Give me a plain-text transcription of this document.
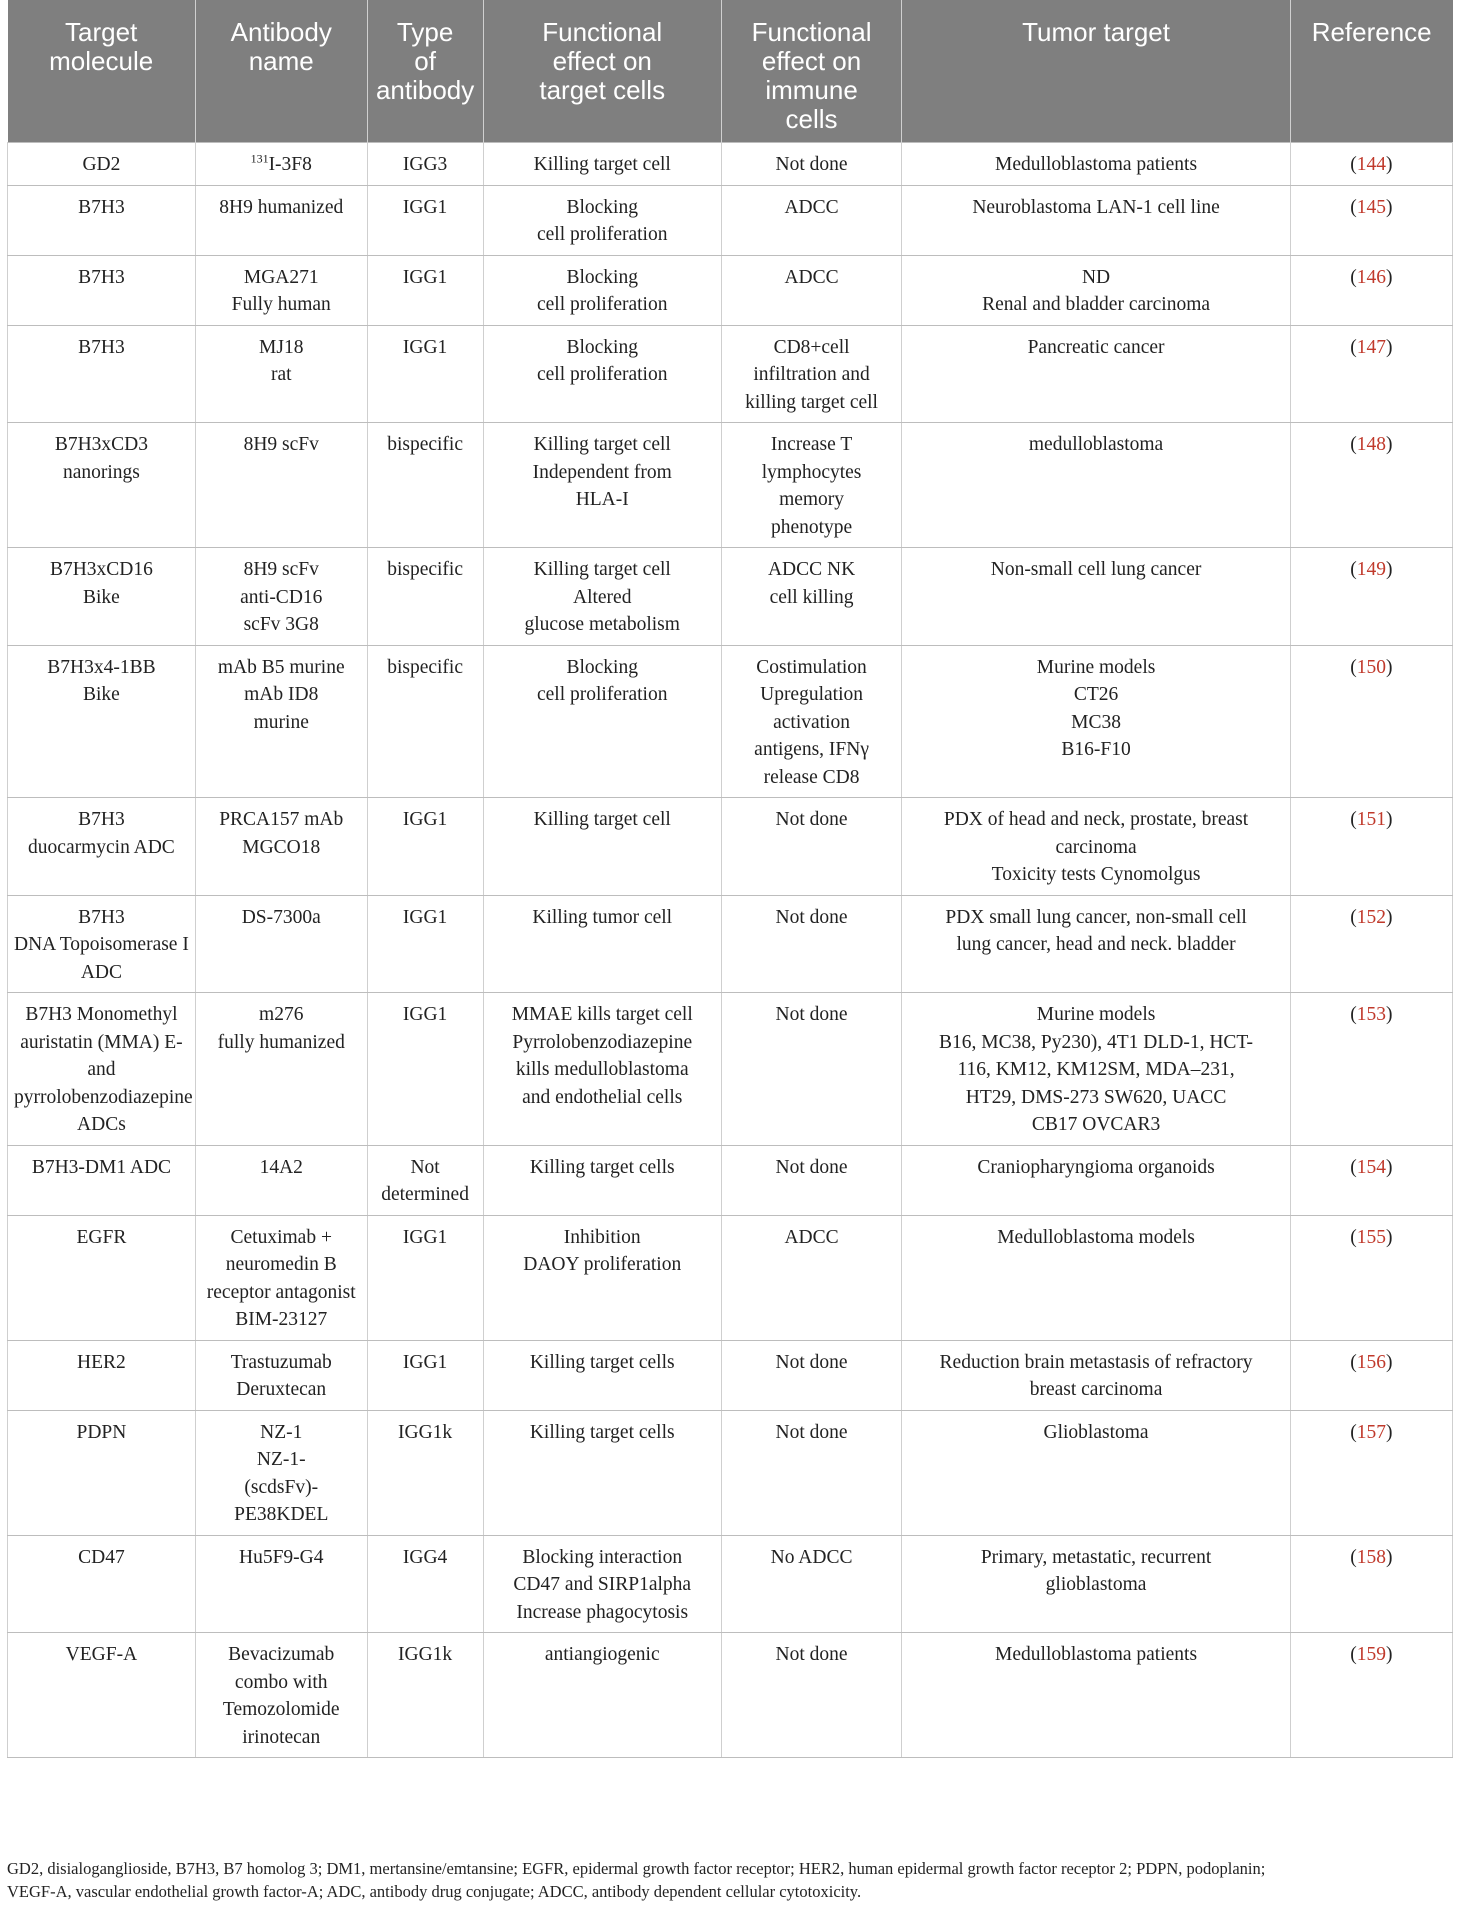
Target
molecule	Antibody
name	Type
of
antibody	Functional
effect on
target cells	Functional
effect on
immune
cells	Tumor target	Reference

GD2	$^{131}$I-3F8	IGG3	Killing target cell	Not done	Medulloblastoma patients	(144)

B7H3	8H9 humanized	IGG1	Blocking
cell proliferation	ADCC	Neuroblastoma LAN-1 cell line	(145)

B7H3	MGA271
Fully human	IGG1	Blocking
cell proliferation	ADCC	ND
Renal and bladder carcinoma	(146)

B7H3	MJ18
rat	IGG1	Blocking
cell proliferation	CD8+cell
infiltration and
killing target cell	Pancreatic cancer	(147)

B7H3xCD3
nanorings	8H9 scFv	bispecific	Killing target cell
Independent from
HLA-I	Increase T
lymphocytes
memory
phenotype	medulloblastoma	(148)

B7H3xCD16
Bike	8H9 scFv
anti-CD16
scFv 3G8	bispecific	Killing target cell
Altered
glucose metabolism	ADCC NK
cell killing	Non-small cell lung cancer	(149)

B7H3x4-1BB
Bike	mAb B5 murine
mAb ID8
murine	bispecific	Blocking
cell proliferation	Costimulation
Upregulation
activation
antigens, IFNγ
release CD8	Murine models
CT26
MC38
B16-F10	(150)

B7H3
duocarmycin ADC	PRCA157 mAb
MGCO18	IGG1	Killing target cell	Not done	PDX of head and neck, prostate, breast
carcinoma
Toxicity tests Cynomolgus	(151)

B7H3
DNA Topoisomerase I
ADC	DS-7300a	IGG1	Killing tumor cell	Not done	PDX small lung cancer, non-small cell
lung cancer, head and neck. bladder	(152)

B7H3 Monomethyl
auristatin (MMA) E-
and
pyrrolobenzodiazepine
ADCs	m276
fully humanized	IGG1	MMAE kills target cell
Pyrrolobenzodiazepine
kills medulloblastoma
and endothelial cells	Not done	Murine models
B16, MC38, Py230), 4T1 DLD-1, HCT-
116, KM12, KM12SM, MDA–231,
HT29, DMS-273 SW620, UACC
CB17 OVCAR3	(153)

B7H3-DM1 ADC	14A2	Not
determined	Killing target cells	Not done	Craniopharyngioma organoids	(154)

EGFR	Cetuximab +
neuromedin B
receptor antagonist
BIM-23127	IGG1	Inhibition
DAOY proliferation	ADCC	Medulloblastoma models	(155)

HER2	Trastuzumab
Deruxtecan	IGG1	Killing target cells	Not done	Reduction brain metastasis of refractory
breast carcinoma	(156)

PDPN	NZ-1
NZ-1-
(scdsFv)-
PE38KDEL	IGG1k	Killing target cells	Not done	Glioblastoma	(157)

CD47	Hu5F9-G4	IGG4	Blocking interaction
CD47 and SIRP1alpha
Increase phagocytosis	No ADCC	Primary, metastatic, recurrent
glioblastoma	(158)

VEGF-A	Bevacizumab
combo with
Temozolomide
irinotecan	IGG1k	antiangiogenic	Not done	Medulloblastoma patients	(159)
GD2, disialoganglioside, B7H3, B7 homolog 3; DM1, mertansine/emtansine; EGFR, epidermal growth factor receptor; HER2, human epidermal growth factor receptor 2; PDPN, podoplanin;
VEGF-A, vascular endothelial growth factor-A; ADC, antibody drug conjugate; ADCC, antibody dependent cellular cytotoxicity.
